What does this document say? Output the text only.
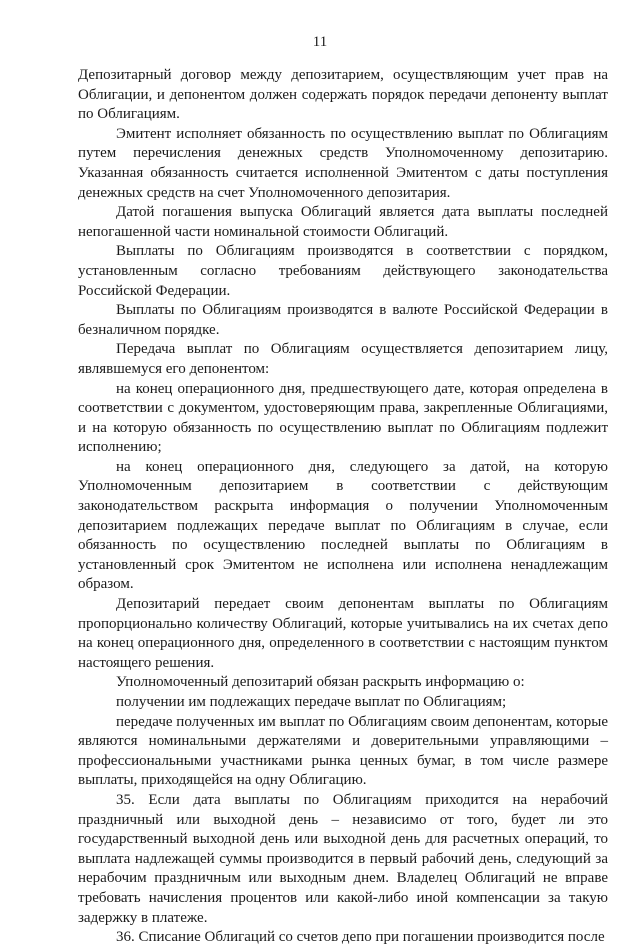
11

Депозитарный договор между депозитарием, осуществляющим учет прав на Облигации, и депонентом должен содержать порядок передачи депоненту выплат по Облигациям.

Эмитент исполняет обязанность по осуществлению выплат по Облигациям путем перечисления денежных средств Уполномоченному депозитарию. Указанная обязанность считается исполненной Эмитентом с даты поступления денежных средств на счет Уполномоченного депозитария.

Датой погашения выпуска Облигаций является дата выплаты последней непогашенной части номинальной стоимости Облигаций.

Выплаты по Облигациям производятся в соответствии с порядком, установленным согласно требованиям действующего законодательства Российской Федерации.

Выплаты по Облигациям производятся в валюте Российской Федерации в безналичном порядке.

Передача выплат по Облигациям осуществляется депозитарием лицу, являвшемуся его депонентом:

на конец операционного дня, предшествующего дате, которая определена в соответствии с документом, удостоверяющим права, закрепленные Облигациями, и на которую обязанность по осуществлению выплат по Облигациям подлежит исполнению;

на конец операционного дня, следующего за датой, на которую Уполномоченным депозитарием в соответствии с действующим законодательством раскрыта информация о получении Уполномоченным депозитарием подлежащих передаче выплат по Облигациям в случае, если обязанность по осуществлению последней выплаты по Облигациям в установленный срок Эмитентом не исполнена или исполнена ненадлежащим образом.

Депозитарий передает своим депонентам выплаты по Облигациям пропорционально количеству Облигаций, которые учитывались на их счетах депо на конец операционного дня, определенного в соответствии с настоящим пунктом настоящего решения.

Уполномоченный депозитарий обязан раскрыть информацию о:

получении им подлежащих передаче выплат по Облигациям;

передаче полученных им выплат по Облигациям своим депонентам, которые являются номинальными держателями и доверительными управляющими – профессиональными участниками рынка ценных бумаг, в том числе размере выплаты, приходящейся на одну Облигацию.

35. Если дата выплаты по Облигациям приходится на нерабочий праздничный или выходной день – независимо от того, будет ли это государственный выходной день или выходной день для расчетных операций, то выплата надлежащей суммы производится в первый рабочий день, следующий за нерабочим праздничным или выходным днем. Владелец Облигаций не вправе требовать начисления процентов или какой-либо иной компенсации за такую задержку в платеже.

36. Списание Облигаций со счетов депо при погашении производится после
